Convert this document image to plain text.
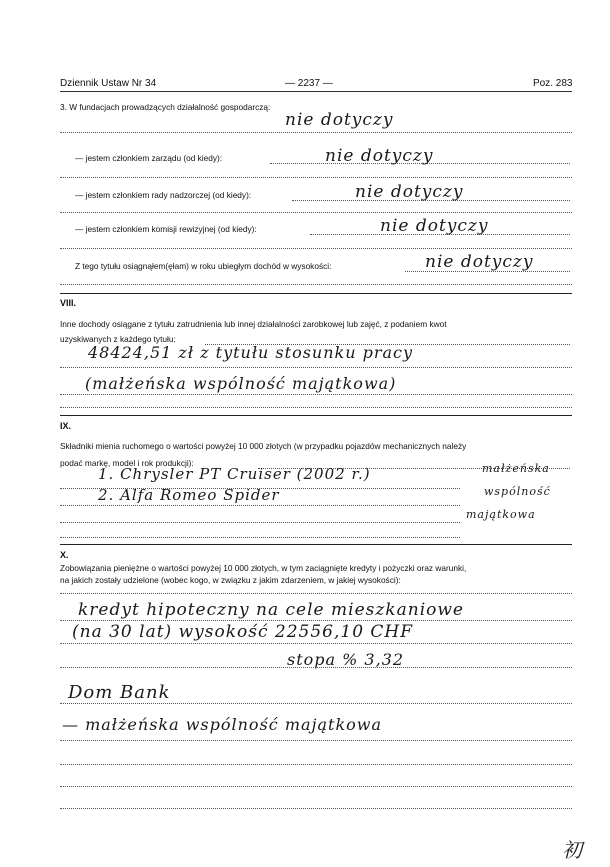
Dziennik Ustaw Nr 34	— 2237 —	Poz. 283
3. W fundacjach prowadzących działalność gospodarczą:
nie dotyczy
— jestem członkiem zarządu (od kiedy):	nie dotyczy
— jestem członkiem rady nadzorczej (od kiedy):	nie dotyczy
— jestem członkiem komisji rewizyjnej (od kiedy):	nie dotyczy
Z tego tytułu osiągnąłem(ęłam) w roku ubiegłym dochód w wysokości:	nie dotyczy
VIII.
Inne dochody osiągane z tytułu zatrudnienia lub innej działalności zarobkowej lub zajęć, z podaniem kwot
uzyskiwanych z każdego tytułu:
48424,51 zł z tytułu stosunku pracy
(małżeńska wspólność majątkowa)
IX.
Składniki mienia ruchomego o wartości powyżej 10 000 złotych (w przypadku pojazdów mechanicznych należy
podać markę, model i rok produkcji):
1. Chrysler PT Cruiser (2002 r.)
2. Alfa Romeo Spider
małżeńska
wspólność
majątkowa
X.
Zobowiązania pieniężne o wartości powyżej 10 000 złotych, w tym zaciągnięte kredyty i pożyczki oraz warunki,
na jakich zostały udzielone (wobec kogo, w związku z jakim zdarzeniem, w jakiej wysokości):
kredyt hipoteczny na cele mieszkaniowe
(na 30 lat) wysokość 22556,10 CHF
stopa % 3,32
Dom Bank
— małżeńska wspólność majątkowa
初
